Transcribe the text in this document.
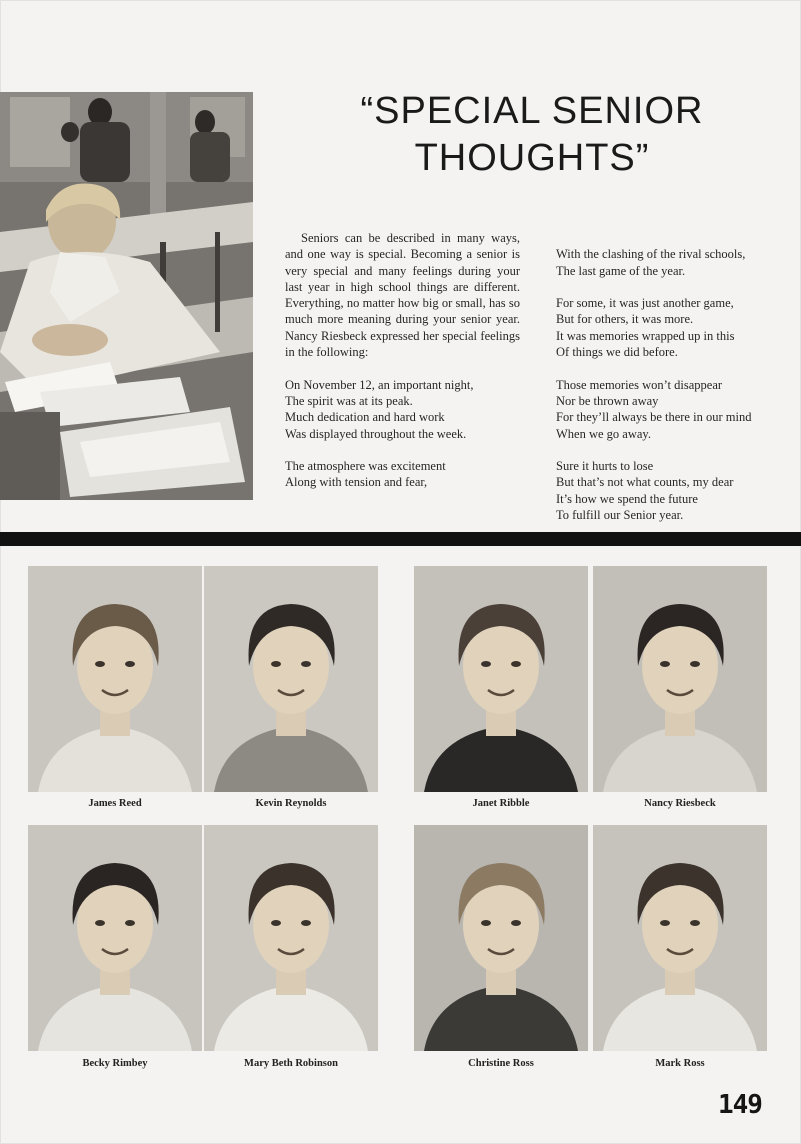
“SPECIAL SENIOR
THOUGHTS”

Seniors can be described in many ways, and one way is special. Becoming a senior is very special and many feelings during your last year in high school things are different. Everything, no matter how big or small, has so much more meaning during your senior year. Nancy Riesbeck expressed her special feelings in the following:

On November 12, an important night,
The spirit was at its peak.
Much dedication and hard work
Was displayed throughout the week.

The atmosphere was excitement
Along with tension and fear,

With the clashing of the rival schools,
The last game of the year.

For some, it was just another game,
But for others, it was more.
It was memories wrapped up in this
Of things we did before.

Those memories won’t disappear
Nor be thrown away
For they’ll always be there in our mind
When we go away.

Sure it hurts to lose
But that’s not what counts, my dear
It’s how we spend the future
To fulfill our Senior year.

James Reed	Kevin Reynolds	Janet Ribble	Nancy Riesbeck
Becky Rimbey	Mary Beth Robinson	Christine Ross	Mark Ross
149
